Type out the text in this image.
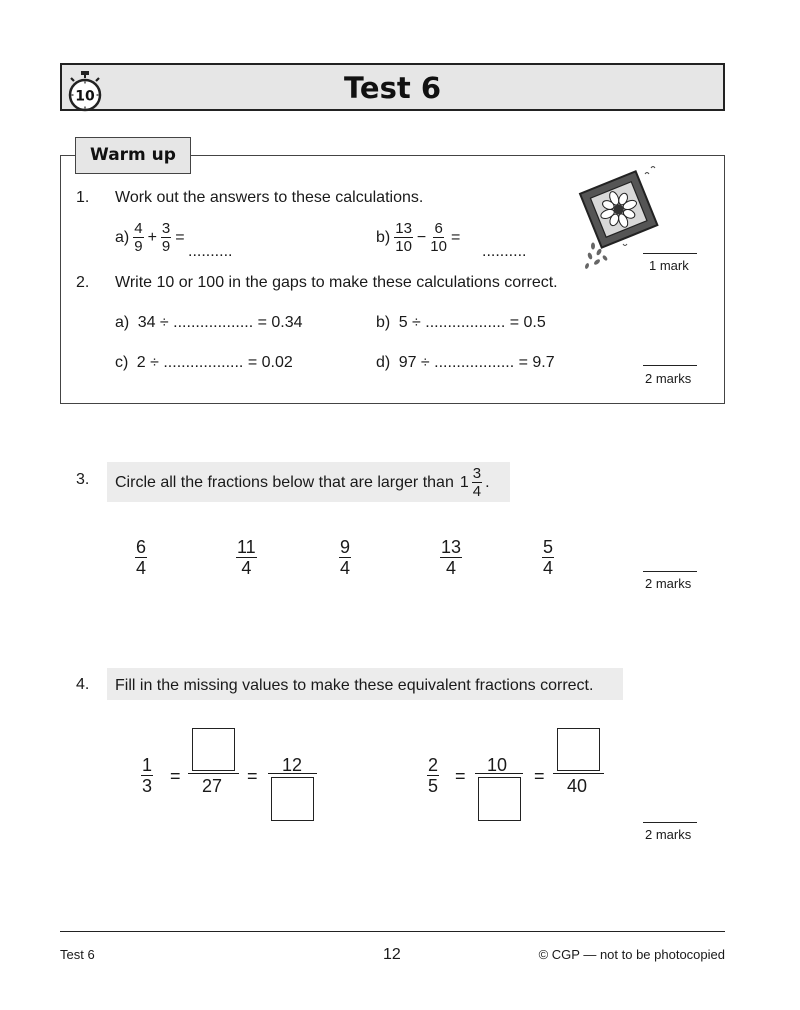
Test 6
10
Warm up
1. Work out the answers to these calculations.
$a) \frac{4}{9} + \frac{3}{9}$ =
..........
$b) \frac{13}{10} - \frac{6}{10}$ =
..........
1 mark
2. Write 10 or 100 in the gaps to make these calculations correct.
a) 34 ÷ .................. = 0.34	b) 5 ÷ .................. = 0.5
c) 2 ÷ .................. = 0.02	d) 97 ÷ .................. = 9.7
2 marks
3. Circle all the fractions below that are larger than $1 \frac{3}{4}$ .
$\frac{6}{4}$	$\frac{11}{4}$	$\frac{9}{4}$	$\frac{13}{4}$	$\frac{5}{4}$
2 marks
4. Fill in the missing values to make these equivalent fractions correct.
$\frac{1}{3} = 27$ =
12	$\frac{2}{5}$ =
10
= 40
2 marks
Test 6	12	© CGP — not to be photocopied
